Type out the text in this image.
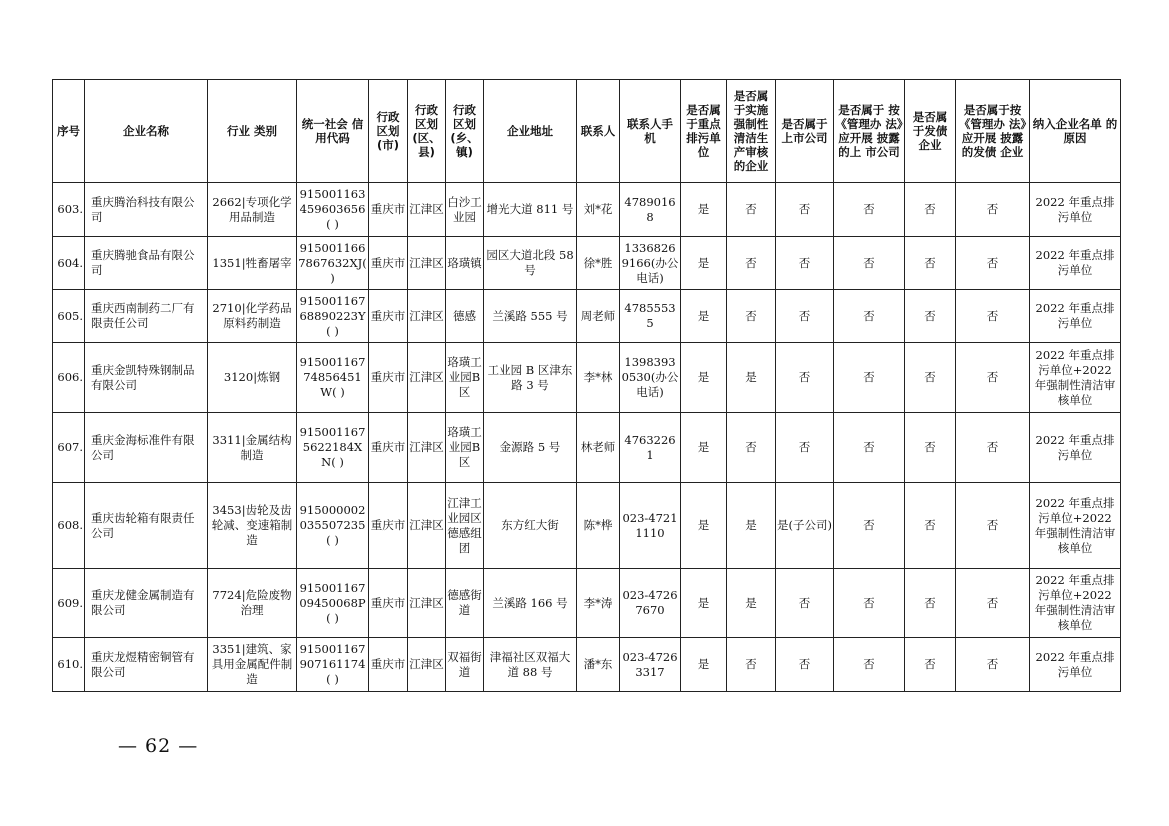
序号	企业名称	行业 类别	统一社会 信用代码	行政 区划 (市)	行政 区划 (区、 县)	行政 区划 (乡、 镇)	企业地址	联系人	联系人手 机	是否属 于重点 排污单 位	是否属 于实施 强制性 清洁生 产审核 的企业	是否属于 上市公司	是否属于 按《管理办 法》应开展 披露的上 市公司	是否属 于发债 企业	是否属于按 《管理办 法》应开展 披露的发债 企业	纳入企业名单 的原因
603.	重庆腾治科技有限公司	2662|专项化学用品制造	915001163459603656( )	重庆市	江津区	白沙工业园	增光大道 811 号	刘*花	47890168	是	否	否	否	否	否	2022 年重点排污单位
604.	重庆腾驰食品有限公司	1351|牲畜屠宰	9150011667867632XJ( )	重庆市	江津区	珞璜镇	园区大道北段 58 号	徐*胜	13368269166(办公电话)	是	否	否	否	否	否	2022 年重点排污单位
605.	重庆西南制药二厂有限责任公司	2710|化学药品原料药制造	91500116768890223Y( )	重庆市	江津区	德感	兰溪路 555 号	周老师	47855535	是	否	否	否	否	否	2022 年重点排污单位
606.	重庆金凯特殊钢制品有限公司	3120|炼钢	91500116774856451W( )	重庆市	江津区	珞璜工业园B区	工业园 B 区津东路 3 号	李*林	13983930530(办公电话)	是	是	否	否	否	否	2022 年重点排污单位+2022 年强制性清洁审核单位
607.	重庆金海标准件有限公司	3311|金属结构制造	9150011675622184XN( )	重庆市	江津区	珞璜工业园B区	金源路 5 号	林老师	47632261	是	否	否	否	否	否	2022 年重点排污单位
608.	重庆齿轮箱有限责任公司	3453|齿轮及齿轮减、变速箱制造	915000002035507235( )	重庆市	江津区	江津工业园区德感组团	东方红大街	陈*桦	023-47211110	是	是	是(子公司)	否	否	否	2022 年重点排污单位+2022 年强制性清洁审核单位
609.	重庆龙健金属制造有限公司	7724|危险废物治理	91500116709450068P( )	重庆市	江津区	德感街道	兰溪路 166 号	李*涛	023-47267670	是	是	否	否	否	否	2022 年重点排污单位+2022 年强制性清洁审核单位
610.	重庆龙煜精密铜管有限公司	3351|建筑、家具用金属配件制造	915001167907161174( )	重庆市	江津区	双福街道	津福社区双福大道 88 号	潘*东	023-47263317	是	否	否	否	否	否	2022 年重点排污单位
— 62 —
